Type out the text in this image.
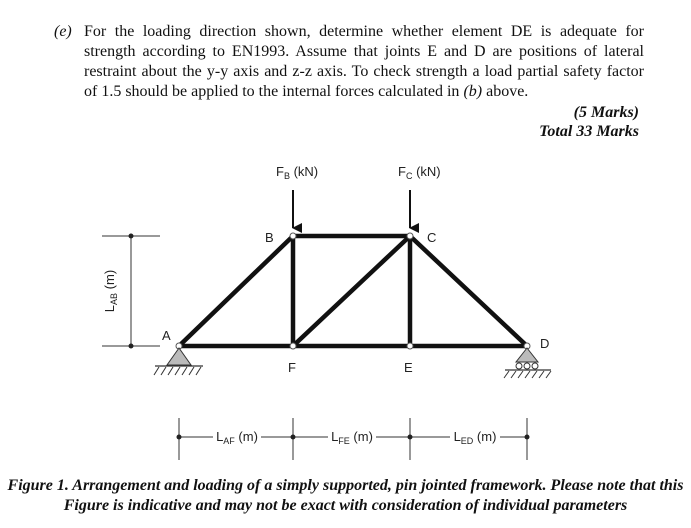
(e) For the loading direction shown, determine whether element DE is adequate for strength according to EN1993. Assume that joints E and D are positions of lateral restraint about the y-y axis and z-z axis. To check strength a load partial safety factor of 1.5 should be applied to the internal forces calculated in (b) above.
(5 Marks)
Total 33 Marks
$F_B$ (kN)	$F_C$ (kN)
$L_{AB}$ (m)
A
B	C
D
E
F
$L_{AF}$ (m)	$L_{FE}$ (m)	$L_{ED}$ (m)
Figure 1. Arrangement and loading of a simply supported, pin jointed framework. Please note that this Figure is indicative and may not be exact with consideration of individual parameters
